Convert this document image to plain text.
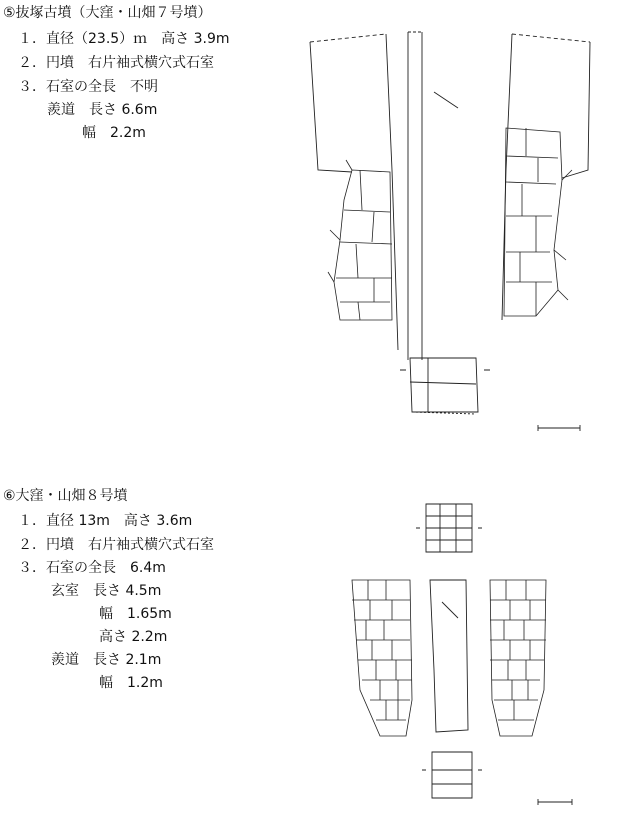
⑤抜塚古墳（大窪・山畑７号墳）
１．直径（23.5）ｍ　高さ 3.9m
２．円墳　右片袖式横穴式石室
３．石室の全長　不明
羨道　長さ 6.6m
幅　2.2m
⑥大窪・山畑８号墳
１．直径 13m　高さ 3.6m
２．円墳　右片袖式横穴式石室
３．石室の全長　6.4m
玄室　長さ 4.5m
幅　1.65m
高さ 2.2m
羨道　長さ 2.1m
幅　1.2m
